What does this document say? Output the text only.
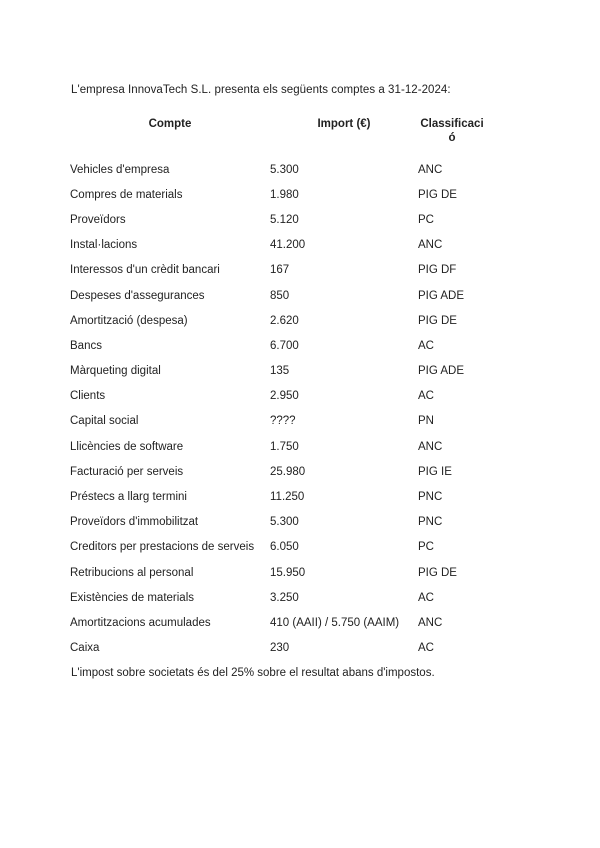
L'empresa InnovaTech S.L. presenta els següents comptes a 31-12-2024:
Compte	Import (€)	Classificació
Vehicles d'empresa	5.300	ANC
Compres de materials	1.980	PIG DE
Proveïdors	5.120	PC
Instal·lacions	41.200	ANC
Interessos d'un crèdit bancari	167	PIG DF
Despeses d'assegurances	850	PIG ADE
Amortització (despesa)	2.620	PIG DE
Bancs	6.700	AC
Màrqueting digital	135	PIG ADE
Clients	2.950	AC
Capital social	????	PN
Llicències de software	1.750	ANC
Facturació per serveis	25.980	PIG IE
Préstecs a llarg termini	11.250	PNC
Proveïdors d'immobilitzat	5.300	PNC
Creditors per prestacions de serveis	6.050	PC
Retribucions al personal	15.950	PIG DE
Existències de materials	3.250	AC
Amortitzacions acumulades	410 (AAII) / 5.750 (AAIM)	ANC
Caixa	230	AC
L'impost sobre societats és del 25% sobre el resultat abans d'impostos.
